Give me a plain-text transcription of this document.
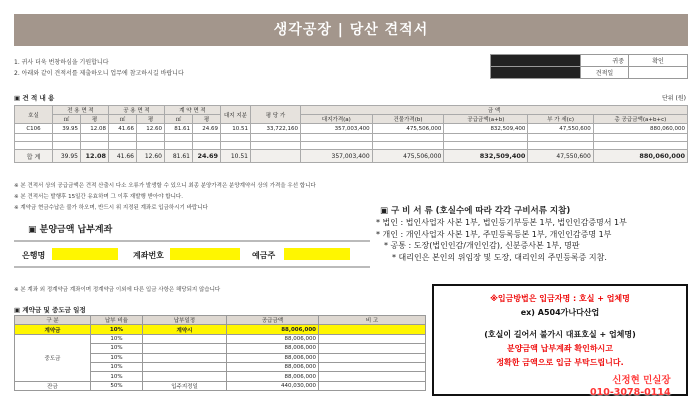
생각공장 | 당산 견적서
1. 귀사 더욱 번창하심을 기원합니다
2. 아래와 같이 견적서를 제출하오니 업무에 참고하시길 바랍니다
	귀중	확인
	견적일	
▣ 견 적 내 용	단위 (원)
호실	전 용 면 적		공 용 면 적		계 약 면 적		대지 지분	평 당 가	금 액				
	㎡	평	㎡	평	㎡	평			대지가격(a)	건물가격(b)	공급금액(a+b)	부 가 세(c)	총 공급금액(a+b+c)
C106	39.95	12.08	41.66	12.60	81.61	24.69	10.51	33,722,160	357,003,400	475,506,000	832,509,400	47,550,600	880,060,000

합 계	39.95	12.08	41.66	12.60	81.61	24.69	10.51		357,003,400	475,506,000	832,509,400	47,550,600	880,060,000
※ 본 견적서 상의 공급금액은 견적 산출시 다소 오류가 발생할 수 있으니 최종 분양가격은 분양계약서 상의 가격을 우선 합니다
※ 본 견적서는 발행후 15일간 유효하며 그 이후 재발행 받아야 합니다.
※ 계약금 현금수납은 불가 하오며, 반드시 위 지정된 계좌로 입금하시기 바랍니다	▣ 구 비 서 류 (호실수에 따라 각각 구비서류 지참)
* 법인 : 법인사업자 사본 1부, 법인등기부등본 1부, 법인인감증명서 1부
* 개인 : 개인사업자 사본 1부, 주민등록등본 1부, 개인인감증명 1부
* 공통 : 도장(법인인감/개인인감), 신분증사본 1부, 명판
* 대리인은 본인의 위임장 및 도장, 대리인의 주민등록증 지참.
▣ 분양금액 납부계좌
은행명	계좌번호	예금주
※ 본 계좌 외 정계약금 계좌이며 정계약금 이외에 다른 입금 사항은 해당되지 않습니다
▣ 계약금 및 중도금 일정
구 분	납부 비율	납부일정	공급금액	비 고
계약금	10%	계약시	88,006,000	
중도금	10%		88,006,000	
	10%		88,006,000	
	10%		88,006,000	
	10%		88,006,000	
	10%		88,006,000	
잔금	50%	입주지정일	440,030,000	
※입금방법은 입금자명 : 호실 + 업체명
ex) A504가나다산업
(호실이 길어서 불가시 대표호실 + 업체명)
분양금액 납부계좌 확인하시고
정확한 금액으로 입금 부탁드립니다.
신정현 민실장
010-3078-0114
